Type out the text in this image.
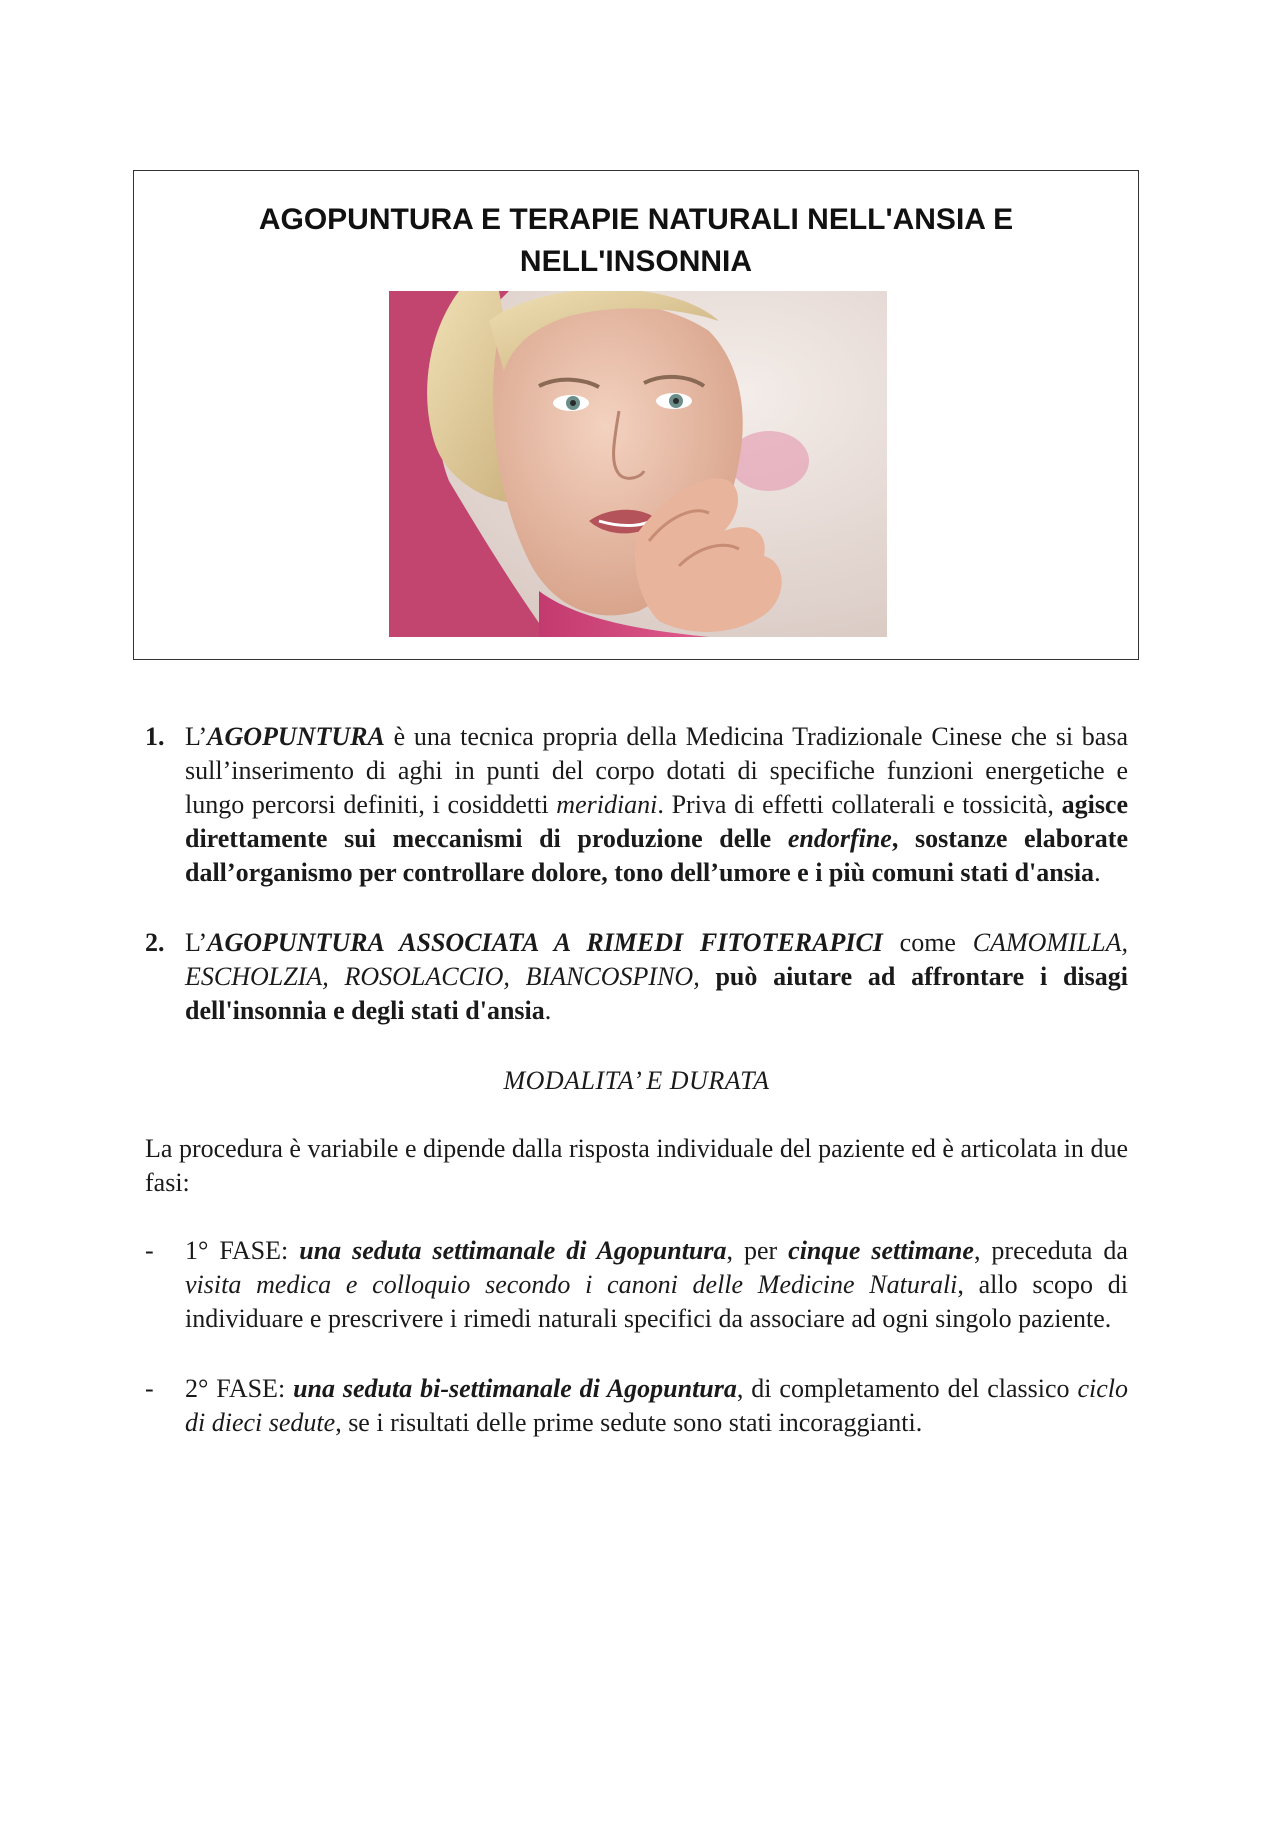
AGOPUNTURA E TERAPIE NATURALI NELL'ANSIA E NELL'INSONNIA
1. L’AGOPUNTURA è una tecnica propria della Medicina Tradizionale Cinese che si basa sull’inserimento di aghi in punti del corpo dotati di specifiche funzioni energetiche e lungo percorsi definiti, i cosiddetti meridiani. Priva di effetti collaterali e tossicità, agisce direttamente sui meccanismi di produzione delle endorfine, sostanze elaborate dall’organismo per controllare dolore, tono dell’umore e i più comuni stati d'ansia.

2. L’AGOPUNTURA ASSOCIATA A RIMEDI FITOTERAPICI come CAMOMILLA, ESCHOLZIA, ROSOLACCIO, BIANCOSPINO, può aiutare ad affrontare i disagi dell'insonnia e degli stati d'ansia.

MODALITA’ E DURATA

La procedura è variabile e dipende dalla risposta individuale del paziente ed è articolata in due fasi:

- 1° FASE: una seduta settimanale di Agopuntura, per cinque settimane, preceduta da visita medica e colloquio secondo i canoni delle Medicine Naturali, allo scopo di individuare e prescrivere i rimedi naturali specifici da associare ad ogni singolo paziente.

- 2° FASE: una seduta bi-settimanale di Agopuntura, di completamento del classico ciclo di dieci sedute, se i risultati delle prime sedute sono stati incoraggianti.
